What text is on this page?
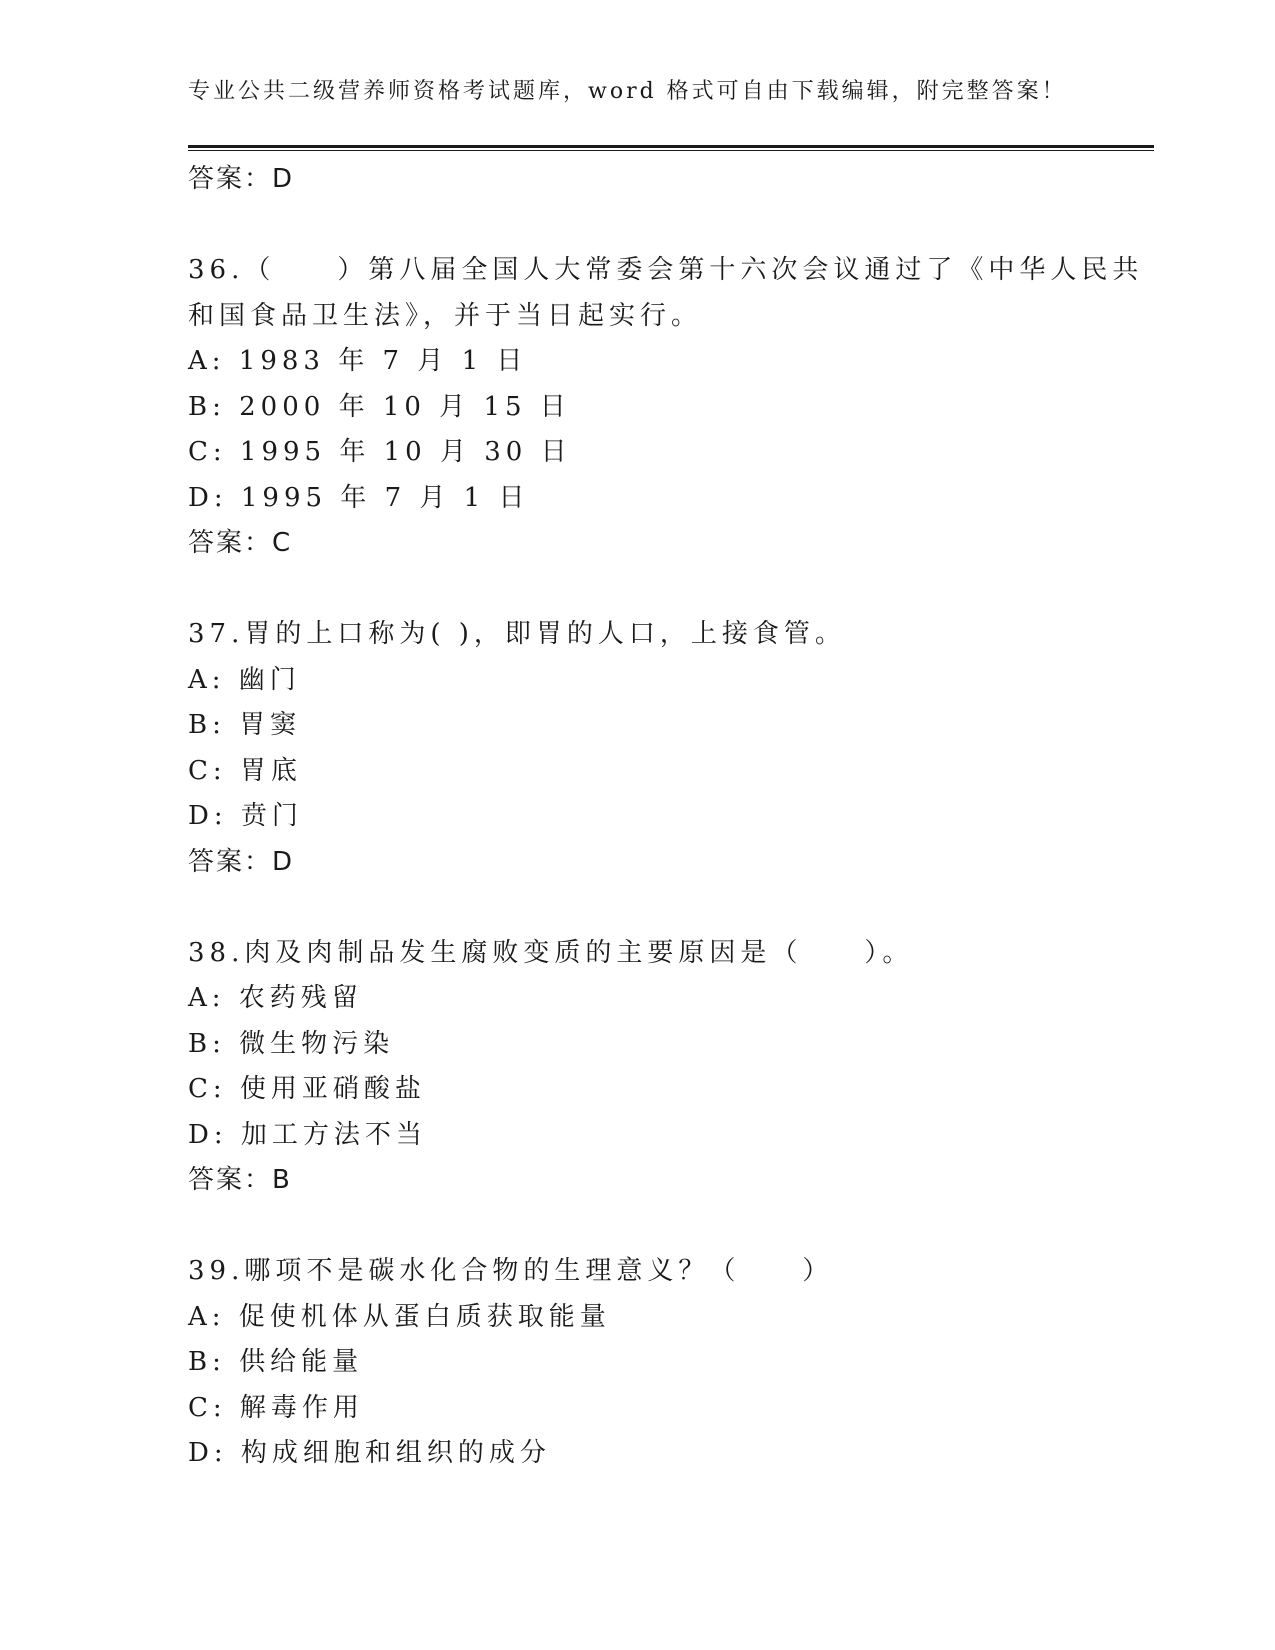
专业公共二级营养师资格考试题库，word 格式可自由下载编辑，附完整答案！
答案：D
36.（　　）第八届全国人大常委会第十六次会议通过了《中华人民共
和国食品卫生法》，并于当日起实行。
A: 1983 年 7 月 1 日
B: 2000 年 10 月 15 日
C: 1995 年 10 月 30 日
D: 1995 年 7 月 1 日
答案：C
37.胃的上口称为( )，即胃的人口，上接食管。
A: 幽门
B: 胃窦
C: 胃底
D: 贲门
答案：D
38.肉及肉制品发生腐败变质的主要原因是（　　）。
A: 农药残留
B: 微生物污染
C: 使用亚硝酸盐
D: 加工方法不当
答案：B
39.哪项不是碳水化合物的生理意义？（　　）
A: 促使机体从蛋白质获取能量
B: 供给能量
C: 解毒作用
D: 构成细胞和组织的成分
